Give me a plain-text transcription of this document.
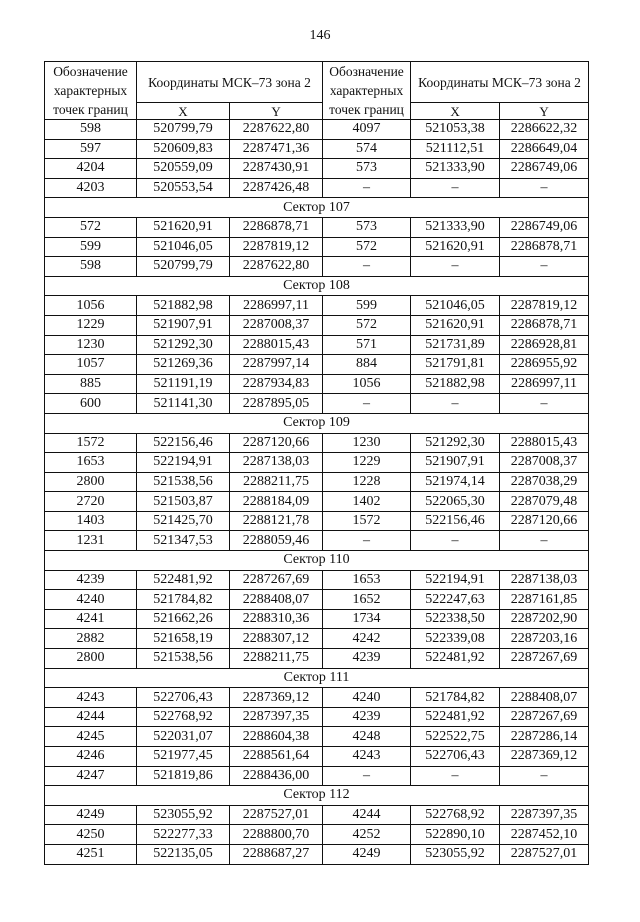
146
Обозначение характерных точек границ	Координаты МСК–73 зона 2		Обозначение характерных точек границ	Координаты МСК–73 зона 2	
	X	Y		X	Y
598	520799,79	2287622,80	4097	521053,38	2286622,32
597	520609,83	2287471,36	574	521112,51	2286649,04
4204	520559,09	2287430,91	573	521333,90	2286749,06
4203	520553,54	2287426,48	–	–	–
Сектор 107					
572	521620,91	2286878,71	573	521333,90	2286749,06
599	521046,05	2287819,12	572	521620,91	2286878,71
598	520799,79	2287622,80	–	–	–
Сектор 108					
1056	521882,98	2286997,11	599	521046,05	2287819,12
1229	521907,91	2287008,37	572	521620,91	2286878,71
1230	521292,30	2288015,43	571	521731,89	2286928,81
1057	521269,36	2287997,14	884	521791,81	2286955,92
885	521191,19	2287934,83	1056	521882,98	2286997,11
600	521141,30	2287895,05	–	–	–
Сектор 109					
1572	522156,46	2287120,66	1230	521292,30	2288015,43
1653	522194,91	2287138,03	1229	521907,91	2287008,37
2800	521538,56	2288211,75	1228	521974,14	2287038,29
2720	521503,87	2288184,09	1402	522065,30	2287079,48
1403	521425,70	2288121,78	1572	522156,46	2287120,66
1231	521347,53	2288059,46	–	–	–
Сектор 110					
4239	522481,92	2287267,69	1653	522194,91	2287138,03
4240	521784,82	2288408,07	1652	522247,63	2287161,85
4241	521662,26	2288310,36	1734	522338,50	2287202,90
2882	521658,19	2288307,12	4242	522339,08	2287203,16
2800	521538,56	2288211,75	4239	522481,92	2287267,69
Сектор 111					
4243	522706,43	2287369,12	4240	521784,82	2288408,07
4244	522768,92	2287397,35	4239	522481,92	2287267,69
4245	522031,07	2288604,38	4248	522522,75	2287286,14
4246	521977,45	2288561,64	4243	522706,43	2287369,12
4247	521819,86	2288436,00	–	–	–
Сектор 112					
4249	523055,92	2287527,01	4244	522768,92	2287397,35
4250	522277,33	2288800,70	4252	522890,10	2287452,10
4251	522135,05	2288687,27	4249	523055,92	2287527,01
